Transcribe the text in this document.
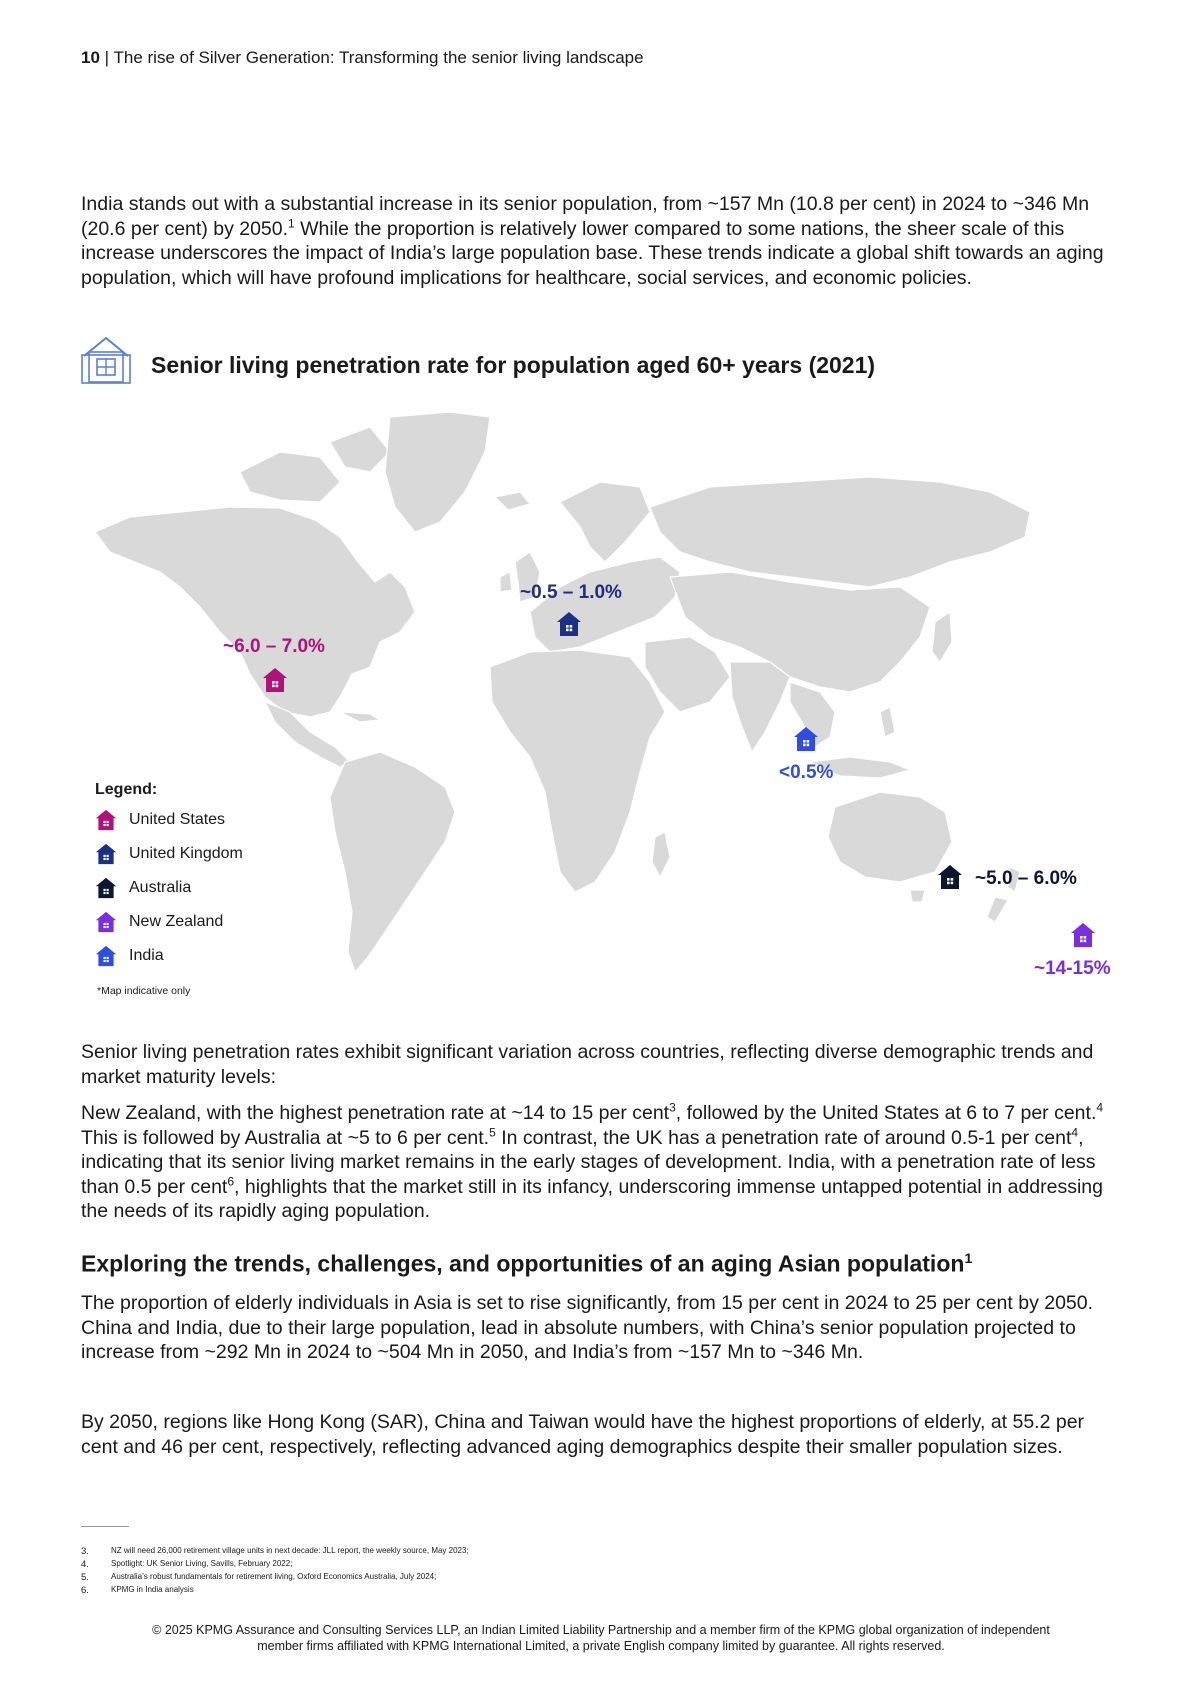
10 | The rise of Silver Generation: Transforming the senior living landscape
India stands out with a substantial increase in its senior population, from ~157 Mn (10.8 per cent) in 2024 to ~346 Mn (20.6 per cent) by 2050.$^1$ While the proportion is relatively lower compared to some nations, the sheer scale of this increase underscores the impact of India’s large population base. These trends indicate a global shift towards an aging population, which will have profound implications for healthcare, social services, and economic policies.
Senior living penetration rate for population aged 60+ years (2021)
~6.0 – 7.0%
~0.5 – 1.0%
<0.5%
~5.0 – 6.0%
~14-15%
Legend:
United States
United Kingdom
Australia
New Zealand
India
*Map indicative only
Senior living penetration rates exhibit significant variation across countries, reflecting diverse demographic trends and market maturity levels:
New Zealand, with the highest penetration rate at ~14 to 15 per cent$^3$, followed by the United States at 6 to 7 per cent.$^4$ This is followed by Australia at ~5 to 6 per cent.$^5$ In contrast, the UK has a penetration rate of around 0.5-1 per cent$^4$, indicating that its senior living market remains in the early stages of development. India, with a penetration rate of less than 0.5 per cent$^6$, highlights that the market still in its infancy, underscoring immense untapped potential in addressing the needs of its rapidly aging population.
Exploring the trends, challenges, and opportunities of an aging Asian population$^1$
The proportion of elderly individuals in Asia is set to rise significantly, from 15 per cent in 2024 to 25 per cent by 2050. China and India, due to their large population, lead in absolute numbers, with China’s senior population projected to increase from ~292 Mn in 2024 to ~504 Mn in 2050, and India’s from ~157 Mn to ~346 Mn.
By 2050, regions like Hong Kong (SAR), China and Taiwan would have the highest proportions of elderly, at 55.2 per cent and 46 per cent, respectively, reflecting advanced aging demographics despite their smaller population sizes.
3.	NZ will need 26,000 retirement village units in next decade: JLL report, the weekly source, May 2023;
4.	Spotlight: UK Senior Living, Savills, February 2022;
5.	Australia’s robust fundamentals for retirement living, Oxford Economics Australia, July 2024;
6.	KPMG in India analysis
© 2025 KPMG Assurance and Consulting Services LLP, an Indian Limited Liability Partnership and a member firm of the KPMG global organization of independent
member firms affiliated with KPMG International Limited, a private English company limited by guarantee. All rights reserved.
